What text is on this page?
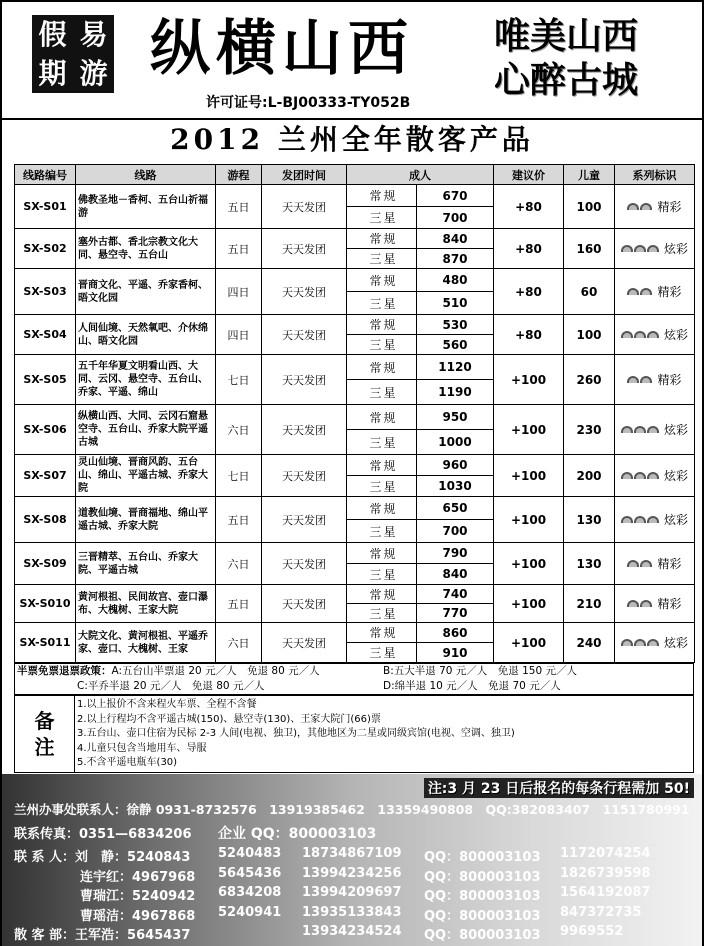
假 易
期 游 纵横山西	唯美山西
心醉古城
许可证号:L-BJ00333-TY052B
2012 兰州全年散客产品
线路编号	线路	游程	发团时间	成人		建议价	儿童	系列标识
SX-S01	佛教圣地－香柯、五台山祈福游	五日	天天发团	常规	670	+80	100	精彩
				三星	700			
SX-S02	塞外古都、香北宗教文化大同、悬空寺、五台山	五日	天天发团	常规	840	+80	160	炫彩
				三星	870			
SX-S03	晋商文化、平遥、乔家香柯、晤文化园	四日	天天发团	常规	480	+80	60	精彩
				三星	510			
SX-S04	人间仙境、天然氧吧、介休绵山、晤文化园	四日	天天发团	常规	530	+80	100	炫彩
				三星	560			
SX-S05	五千年华夏文明看山西、大同、云冈、悬空寺、五台山、乔家、平遥、绵山	七日	天天发团	常规	1120	+100	260	精彩
				三星	1190			
SX-S06	纵横山西、大同、云冈石窟悬空寺、五台山、乔家大院平遥古城	六日	天天发团	常规	950	+100	230	炫彩
				三星	1000			
SX-S07	灵山仙境、晋商风韵、五台山、绵山、平遥古城、乔家大院	七日	天天发团	常规	960	+100	200	炫彩
				三星	1030			
SX-S08	道教仙境、晋商福地、绵山平遥古城、乔家大院	五日	天天发团	常规	650	+100	130	炫彩
				三星	700			
SX-S09	三晋精萃、五台山、乔家大院、平遥古城	六日	天天发团	常规	790	+100	130	精彩
				三星	840			
SX-S010	黄河根祖、民间故宫、壶口瀑布、大槐树、王家大院	五日	天天发团	常规	740	+100	210	精彩
				三星	770			
SX-S011	大院文化、黄河根祖、平遥乔家、壶口、大槐树、王家	六日	天天发团	常规	860	+100	240	炫彩
				三星	910			
半票免票退票政策：A:五台山半票退 20 元／人　免退 80 元／人	B:五大半退 70 元／人　免退 150 元／人
C:平乔半退 20 元／人　免退 80 元／人	D:绵半退 10 元／人　免退 70 元／人
备注
1.以上报价不含来程火车票、全程不含餐
2.以上行程均不含平遥古城(150)、悬空寺(130)、王家大院门(66)票
3.五台山、壶口住宿为民标 2-3 人间(电视、独卫)，其他地区为二星或同级宾馆(电视、空调、独卫)
4.儿童只包含当地用车、导服
5.不含平遥电瓶车(30)
注:3 月 23 日后报名的每条行程需加 50!
兰州办事处联系人：徐静 0931-8732576　13919385462　13359490808　QQ:382083407　1151780991
联系传真：0351—6834206 企业 QQ：800003103
联 系 人：刘　静：5240843 5240483 18734867109 QQ：800003103 1172074254
连宇红：4967968 5645436 13994234256 QQ：800003103 1826739598
曹瑞江：5240942 6834208 13994209697 QQ：800003103 1564192087
曹瑶洁：4967868 5240941 13935133843 QQ：800003103 847372735
散 客 部：王军浩：5645437	13934234524 QQ：800003103 9969552
